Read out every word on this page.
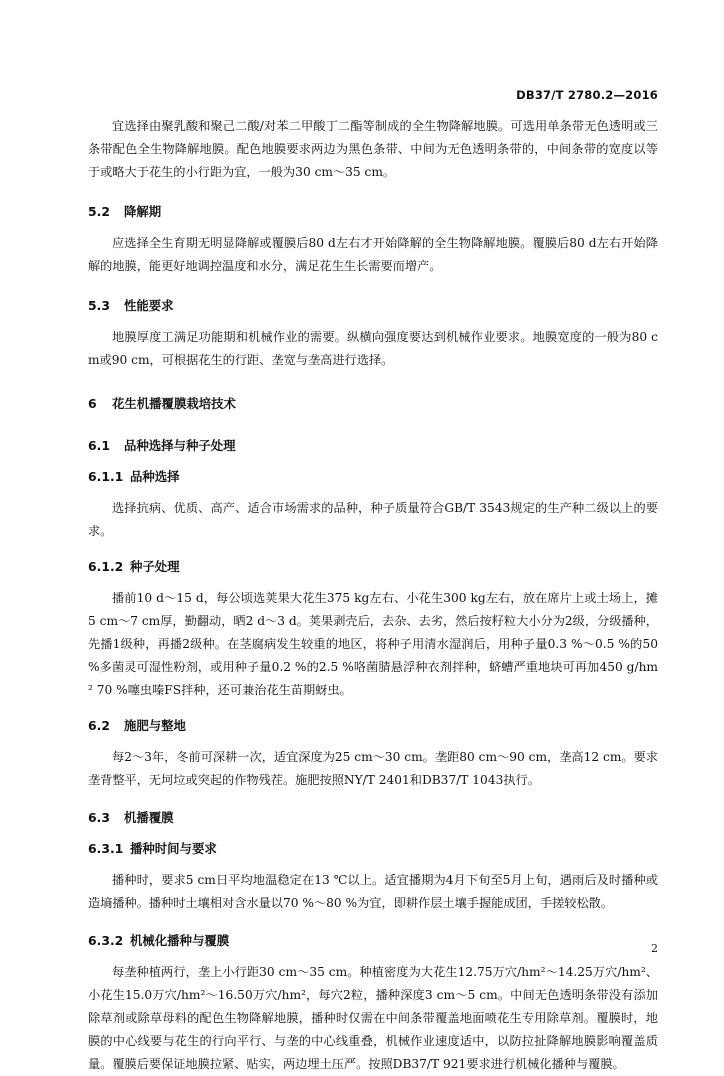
DB37/T 2780.2—2016

宜选择由聚乳酸和聚己二酸/对苯二甲酸丁二酯等制成的全生物降解地膜。可选用单条带无色透明或三条带配色全生物降解地膜。配色地膜要求两边为黑色条带、中间为无色透明条带的，中间条带的宽度以等于或略大于花生的小行距为宜，一般为30 cm～35 cm。

5.2 降解期

应选择全生育期无明显降解或覆膜后80 d左右才开始降解的全生物降解地膜。覆膜后80 d左右开始降解的地膜，能更好地调控温度和水分，满足花生生长需要而增产。

5.3 性能要求

地膜厚度工满足功能期和机械作业的需要。纵横向强度要达到机械作业要求。地膜宽度的一般为80 cm或90 cm，可根据花生的行距、垄宽与垄高进行选择。

6 花生机播覆膜栽培技术
6.1 品种选择与种子处理
6.1.1 品种选择

选择抗病、优质、高产、适合市场需求的品种，种子质量符合GB/T 3543规定的生产种二级以上的要求。

6.1.2 种子处理

播前10 d～15 d，每公顷选荚果大花生375 kg左右、小花生300 kg左右，放在席片上或土场上，摊5 cm～7 cm厚，勤翻动，晒2 d～3 d。荚果剥壳后，去杂、去劣，然后按籽粒大小分为2级，分级播种，先播1级种，再播2级种。在茎腐病发生较重的地区，将种子用清水湿润后，用种子量0.3 %～0.5 %的50 %多菌灵可湿性粉剂，或用种子量0.2 %的2.5 %咯菌腈悬浮种衣剂拌种，蛴螬严重地块可再加450 g/hm² 70 %噻虫嗪FS拌种，还可兼治花生苗期蚜虫。

6.2 施肥与整地

每2～3年，冬前可深耕一次，适宜深度为25 cm～30 cm。垄距80 cm～90 cm，垄高12 cm。要求垄背整平，无坷垃或突起的作物残茬。施肥按照NY/T 2401和DB37/T 1043执行。

6.3 机播覆膜
6.3.1 播种时间与要求

播种时，要求5 cm日平均地温稳定在13 ℃以上。适宜播期为4月下旬至5月上旬，遇雨后及时播种或造墒播种。播种时土壤相对含水量以70 %～80 %为宜，即耕作层土壤手握能成团，手搓较松散。

6.3.2 机械化播种与覆膜

每垄种植两行，垄上小行距30 cm～35 cm。种植密度为大花生12.75万穴/hm²～14.25万穴/hm²、小花生15.0万穴/hm²～16.50万穴/hm²，每穴2粒，播种深度3 cm～5 cm。中间无色透明条带没有添加除草剂或除草母料的配色生物降解地膜，播种时仅需在中间条带覆盖地面喷花生专用除草剂。覆膜时，地膜的中心线要与花生的行向平行、与垄的中心线重叠，机械作业速度适中，以防拉扯降解地膜影响覆盖质量。覆膜后要保证地膜拉紧、贴实，两边埋土压严。按照DB37/T 921要求进行机械化播种与覆膜。

2
